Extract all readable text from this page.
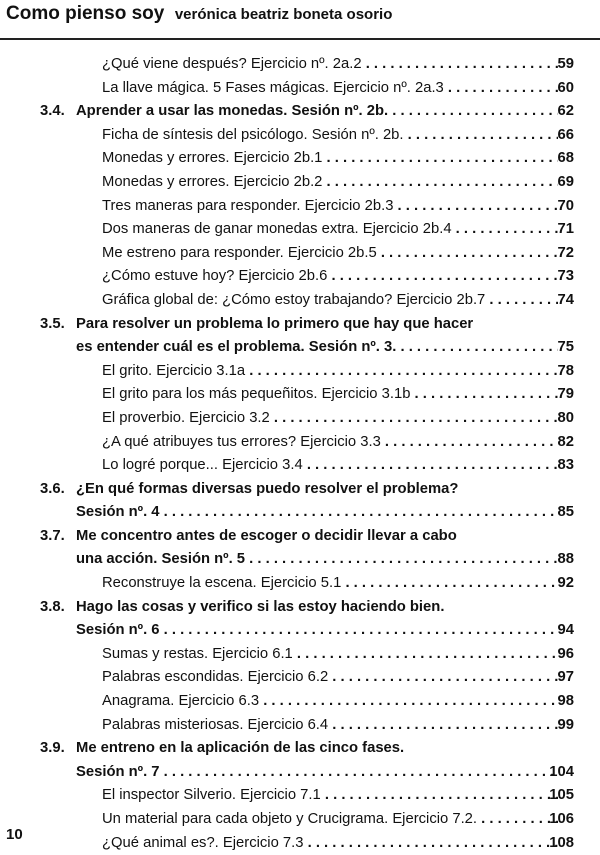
Como pienso soy verónica beatriz boneta osorio
¿Qué viene después? Ejercicio nº. 2a.2 . . .	59
La llave mágica. 5 Fases mágicas. Ejercicio nº. 2a.3 . . .	60
3.4. Aprender a usar las monedas. Sesión nº. 2b. . . .	62
Ficha de síntesis del psicólogo. Sesión nº. 2b. . . .	66
Monedas y errores. Ejercicio 2b.1 . . .	68
Monedas y errores. Ejercicio 2b.2 . . .	69
Tres maneras para responder. Ejercicio 2b.3 . . .	70
Dos maneras de ganar monedas extra. Ejercicio 2b.4 . . .	71
Me estreno para responder. Ejercicio 2b.5 . . .	72
¿Cómo estuve hoy? Ejercicio 2b.6 . . .	73
Gráfica global de: ¿Cómo estoy trabajando? Ejercicio 2b.7 . . .	74
3.5. Para resolver un problema lo primero que hay que hacer
es entender cuál es el problema. Sesión nº. 3. . . .	75
El grito. Ejercicio 3.1a . . .	78
El grito para los más pequeñitos. Ejercicio 3.1b . . .	79
El proverbio. Ejercicio 3.2 . . .	80
¿A qué atribuyes tus errores? Ejercicio 3.3 . . .	82
Lo logré porque... Ejercicio 3.4 . . .	83
3.6. ¿En qué formas diversas puedo resolver el problema?
Sesión nº. 4 . . .	85
3.7. Me concentro antes de escoger o decidir llevar a cabo
una acción. Sesión nº. 5 . . .	88
Reconstruye la escena. Ejercicio 5.1 . . .	92
3.8. Hago las cosas y verifico si las estoy haciendo bien.
Sesión nº. 6 . . .	94
Sumas y restas. Ejercicio 6.1 . . .	96
Palabras escondidas. Ejercicio 6.2 . . .	97
Anagrama. Ejercicio 6.3 . . .	98
Palabras misteriosas. Ejercicio 6.4 . . .	99
3.9. Me entreno en la aplicación de las cinco fases.
Sesión nº. 7 . . .	104
El inspector Silverio. Ejercicio 7.1 . . .	105
Un material para cada objeto y Crucigrama. Ejercicio 7.2. . . .	106
¿Qué animal es?. Ejercicio 7.3 . . .	108
10
